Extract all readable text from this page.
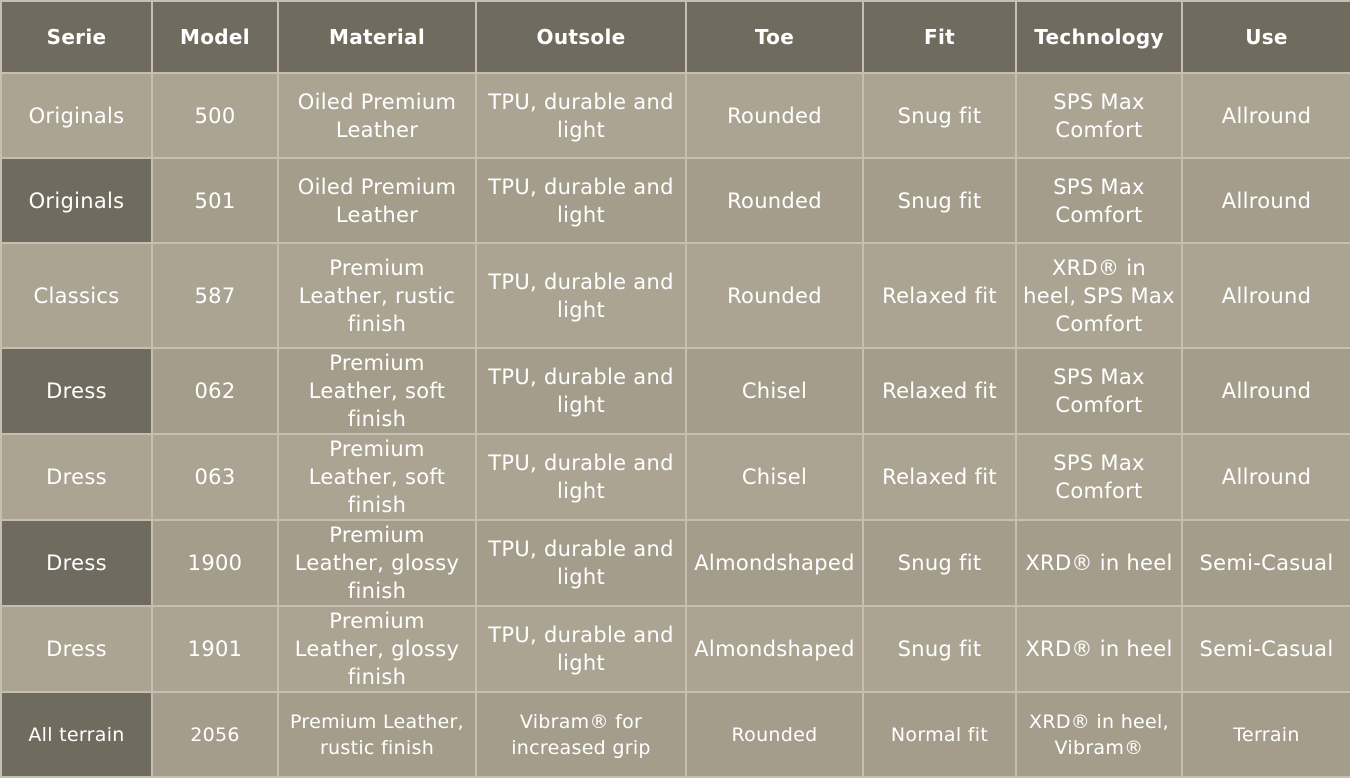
Serie	Model	Material	Outsole	Toe	Fit	Technology	Use
Originals	500	Oiled Premium Leather	TPU, durable and light	Rounded	Snug fit	SPS Max Comfort	Allround
Originals	501	Oiled Premium Leather	TPU, durable and light	Rounded	Snug fit	SPS Max Comfort	Allround
Classics	587	Premium Leather, rustic finish	TPU, durable and light	Rounded	Relaxed fit	XRD® in heel, SPS Max Comfort	Allround
Dress	062	Premium Leather, soft finish	TPU, durable and light	Chisel	Relaxed fit	SPS Max Comfort	Allround
Dress	063	Premium Leather, soft finish	TPU, durable and light	Chisel	Relaxed fit	SPS Max Comfort	Allround
Dress	1900	Premium Leather, glossy finish	TPU, durable and light	Almondshaped	Snug fit	XRD® in heel	Semi-Casual
Dress	1901	Premium Leather, glossy finish	TPU, durable and light	Almondshaped	Snug fit	XRD® in heel	Semi-Casual
All terrain	2056	Premium Leather, rustic finish	Vibram® for increased grip	Rounded	Normal fit	XRD® in heel, Vibram®	Terrain
